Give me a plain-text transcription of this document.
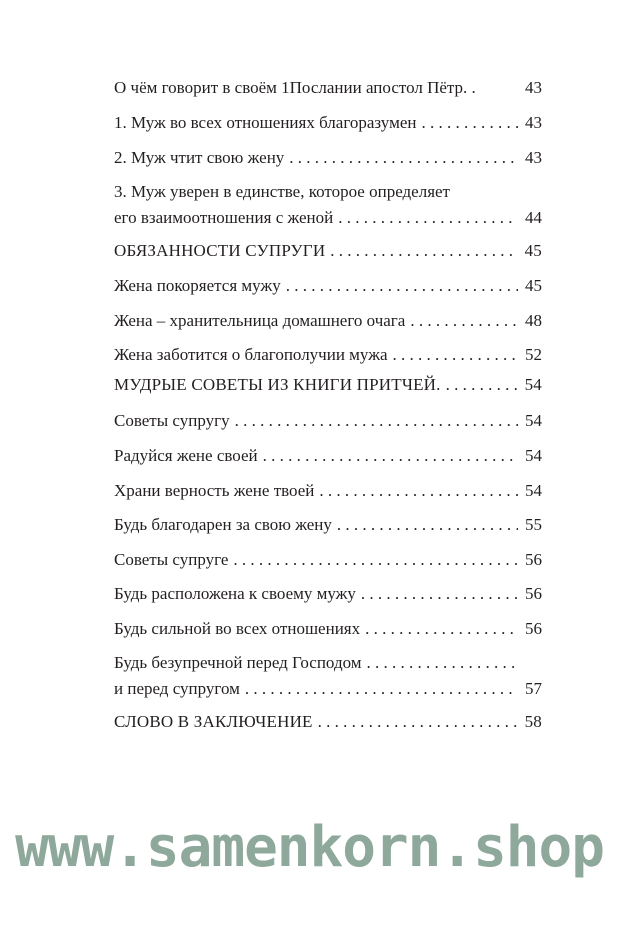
О чём говорит в своём 1Послании апостол Пётр. .	43
1. Муж во всех отношениях благоразумен . . .	43
2. Муж чтит свою жену . . .	43
3. Муж уверен в единстве, которое определяет
его взаимоотношения с женой . . .	44
ОБЯЗАННОСТИ СУПРУГИ . . .	45
Жена покоряется мужу . . .	45
Жена – хранительница домашнего очага . . .	48
Жена заботится о благополучии мужа . . .	52
МУДРЫЕ СОВЕТЫ ИЗ КНИГИ ПРИТЧЕЙ. . . .	54
Советы супругу . . .	54
Радуйся жене своей . . .	54
Храни верность жене твоей . . .	54
Будь благодарен за свою жену . . .	55
Советы супруге . . .	56
Будь расположена к своему мужу . . .	56
Будь сильной во всех отношениях . . .	56
Будь безупречной перед Господом
. . .
и перед супругом . . .	57
СЛОВО В ЗАКЛЮЧЕНИЕ . . .	58
www.samenkorn.shop
